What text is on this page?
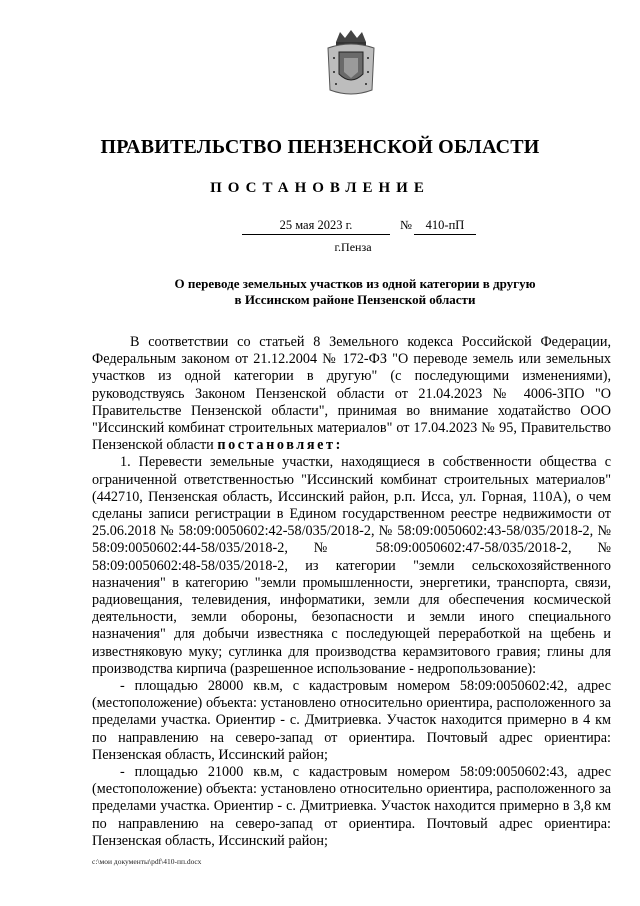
ПРАВИТЕЛЬСТВО ПЕНЗЕНСКОЙ ОБЛАСТИ
ПОСТАНОВЛЕНИЕ
25 мая 2023 г.	№	410-пП
г.Пенза
О переводе земельных участков из одной категории в другую
в Иссинском районе Пензенской области

В соответствии со статьей 8 Земельного кодекса Российской Федерации, Федеральным законом от 21.12.2004 № 172-ФЗ "О переводе земель или земельных участков из одной категории в другую" (с последующими изменениями), руководствуясь Законом Пензенской области от 21.04.2023 № 4006-ЗПО "О Правительстве Пензенской области", принимая во внимание ходатайство ООО "Иссинский комбинат строительных материалов" от 17.04.2023 № 95, Правительство Пензенской области постановляет:

1. Перевести земельные участки, находящиеся в собственности общества с ограниченной ответственностью "Иссинский комбинат строительных материалов" (442710, Пензенская область, Иссинский район, р.п. Исса, ул. Горная, 110А), о чем сделаны записи регистрации в Едином государственном реестре недвижимости от 25.06.2018 № 58:09:0050602:42-58/035/2018-2, № 58:09:0050602:43-58/035/2018-2, № 58:09:0050602:44-58/035/2018-2, № 58:09:0050602:47-58/035/2018-2, № 58:09:0050602:48-58/035/2018-2, из категории "земли сельскохозяйственного назначения" в категорию "земли промышленности, энергетики, транспорта, связи, радиовещания, телевидения, информатики, земли для обеспечения космической деятельности, земли обороны, безопасности и земли иного специального назначения" для добычи известняка с последующей переработкой на щебень и известняковую муку; суглинка для производства керамзитового гравия; глины для производства кирпича (разрешенное использование - недропользование):

- площадью 28000 кв.м, с кадастровым номером 58:09:0050602:42, адрес (местоположение) объекта: установлено относительно ориентира, расположенного за пределами участка. Ориентир - с. Дмитриевка. Участок находится примерно в 4 км по направлению на северо-запад от ориентира. Почтовый адрес ориентира: Пензенская область, Иссинский район;

- площадью 21000 кв.м, с кадастровым номером 58:09:0050602:43, адрес (местоположение) объекта: установлено относительно ориентира, расположенного за пределами участка. Ориентир - с. Дмитриевка. Участок находится примерно в 3,8 км по направлению на северо-запад от ориентира. Почтовый адрес ориентира: Пензенская область, Иссинский район;

c:\мои документы\pdf\410-пп.docx
